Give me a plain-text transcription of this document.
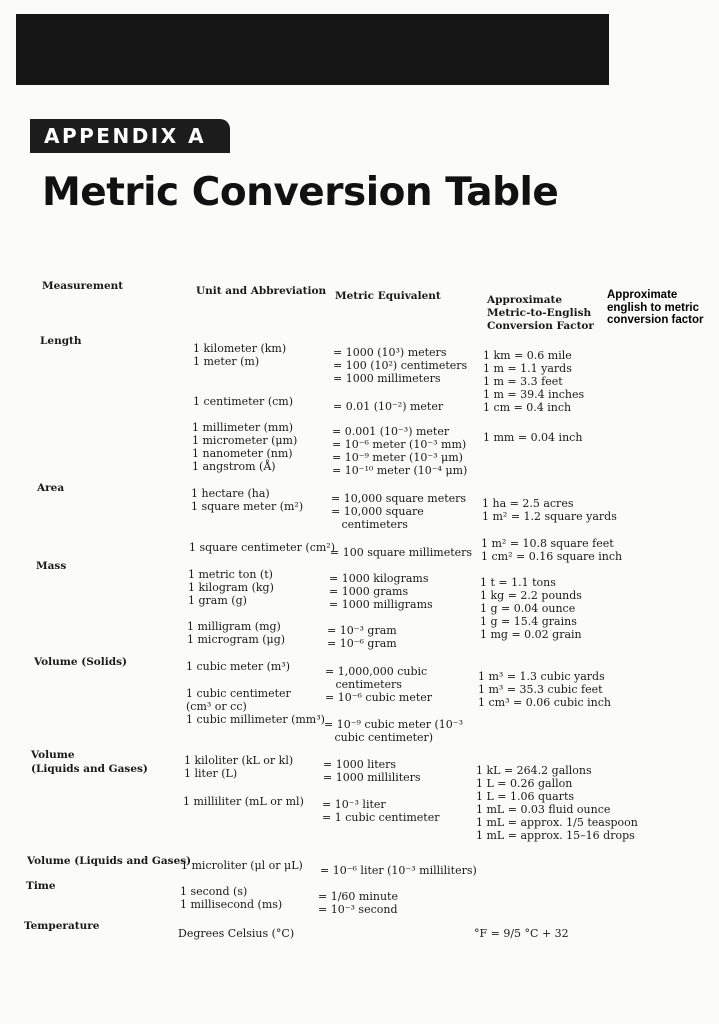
APPENDIX A
Metric Conversion Table
Measurement	Unit and Abbreviation Metric Equivalent	Approximate
Metric-to-English
Conversion Factor
Approximate english to metric conversion factor
Length
Area
Mass
Volume (Solids)
Volume
(Liquids and Gases)
Volume (Liquids and Gases)
Time
Temperature
1 kilometer (km)
1 meter (m)
1 centimeter (cm)
1 millimeter (mm)
1 micrometer (μm)
1 nanometer (nm)
1 angstrom (Å)
1 hectare (ha)
1 square meter (m²)
1 square centimeter (cm²)
1 metric ton (t)
1 kilogram (kg)
1 gram (g)
1 milligram (mg)
1 microgram (μg)
1 cubic meter (m³)
1 cubic centimeter
(cm³ or cc)
1 cubic millimeter (mm³)
1 kiloliter (kL or kl)
1 liter (L)
1 milliliter (mL or ml)
1 microliter (μl or μL)
1 second (s)
1 millisecond (ms)
Degrees Celsius (°C)
= 1000 (10³) meters
= 100 (10²) centimeters
= 1000 millimeters
= 0.01 (10⁻²) meter
= 0.001 (10⁻³) meter
= 10⁻⁶ meter (10⁻³ mm)
= 10⁻⁹ meter (10⁻³ μm)
= 10⁻¹⁰ meter (10⁻⁴ μm)
= 10,000 square meters
= 10,000 square
centimeters
= 100 square millimeters
= 1000 kilograms
= 1000 grams
= 1000 milligrams
= 10⁻³ gram
= 10⁻⁶ gram
= 1,000,000 cubic
centimeters
= 10⁻⁶ cubic meter
= 10⁻⁹ cubic meter (10⁻³
cubic centimeter)
= 1000 liters
= 1000 milliliters
= 10⁻³ liter
= 1 cubic centimeter
= 10⁻⁶ liter (10⁻³ milliliters)
= 1/60 minute
= 10⁻³ second
1 km = 0.6 mile
1 m = 1.1 yards
1 m = 3.3 feet
1 m = 39.4 inches
1 cm = 0.4 inch
1 mm = 0.04 inch
1 ha = 2.5 acres
1 m² = 1.2 square yards
1 m² = 10.8 square feet
1 cm² = 0.16 square inch
1 t = 1.1 tons
1 kg = 2.2 pounds
1 g = 0.04 ounce
1 g = 15.4 grains
1 mg = 0.02 grain
1 m³ = 1.3 cubic yards
1 m³ = 35.3 cubic feet
1 cm³ = 0.06 cubic inch
1 kL = 264.2 gallons
1 L = 0.26 gallon
1 L = 1.06 quarts
1 mL = 0.03 fluid ounce
1 mL = approx. 1/5 teaspoon
1 mL = approx. 15–16 drops
°F = 9/5 °C + 32
